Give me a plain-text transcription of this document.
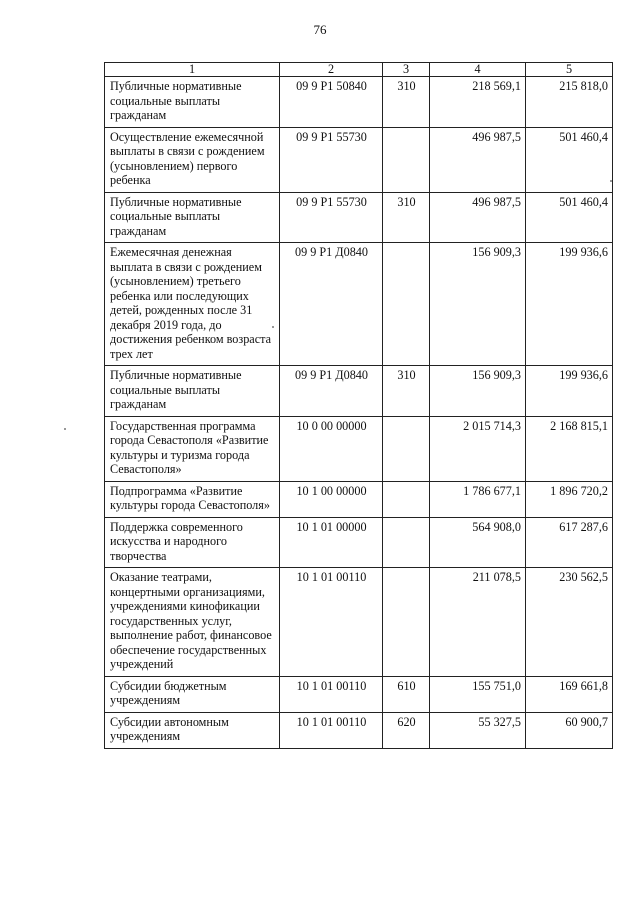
76
1	2	3	4	5
Публичные нормативные социальные выплаты гражданам	09 9 P1 50840	310	218 569,1	215 818,0
Осуществление ежемесячной выплаты в связи с рождением (усыновлением) первого ребенка	09 9 P1 55730		496 987,5	501 460,4
Публичные нормативные социальные выплаты гражданам	09 9 P1 55730	310	496 987,5	501 460,4
Ежемесячная денежная выплата в связи с рождением (усыновлением) третьего ребенка или последующих детей, рожденных после 31 декабря 2019 года, до достижения ребенком возраста трех лет	09 9 P1 Д0840		156 909,3	199 936,6
Публичные нормативные социальные выплаты гражданам	09 9 P1 Д0840	310	156 909,3	199 936,6
Государственная программа города Севастополя «Развитие культуры и туризма города Севастополя»	10 0 00 00000		2 015 714,3	2 168 815,1
Подпрограмма «Развитие культуры города Севастополя»	10 1 00 00000		1 786 677,1	1 896 720,2
Поддержка современного искусства и народного творчества	10 1 01 00000		564 908,0	617 287,6
Оказание театрами, концертными организациями, учреждениями кинофикации государственных услуг, выполнение работ, финансовое обеспечение государственных учреждений	10 1 01 00110		211 078,5	230 562,5
Субсидии бюджетным учреждениям	10 1 01 00110	610	155 751,0	169 661,8
Субсидии автономным учреждениям	10 1 01 00110	620	55 327,5	60 900,7
